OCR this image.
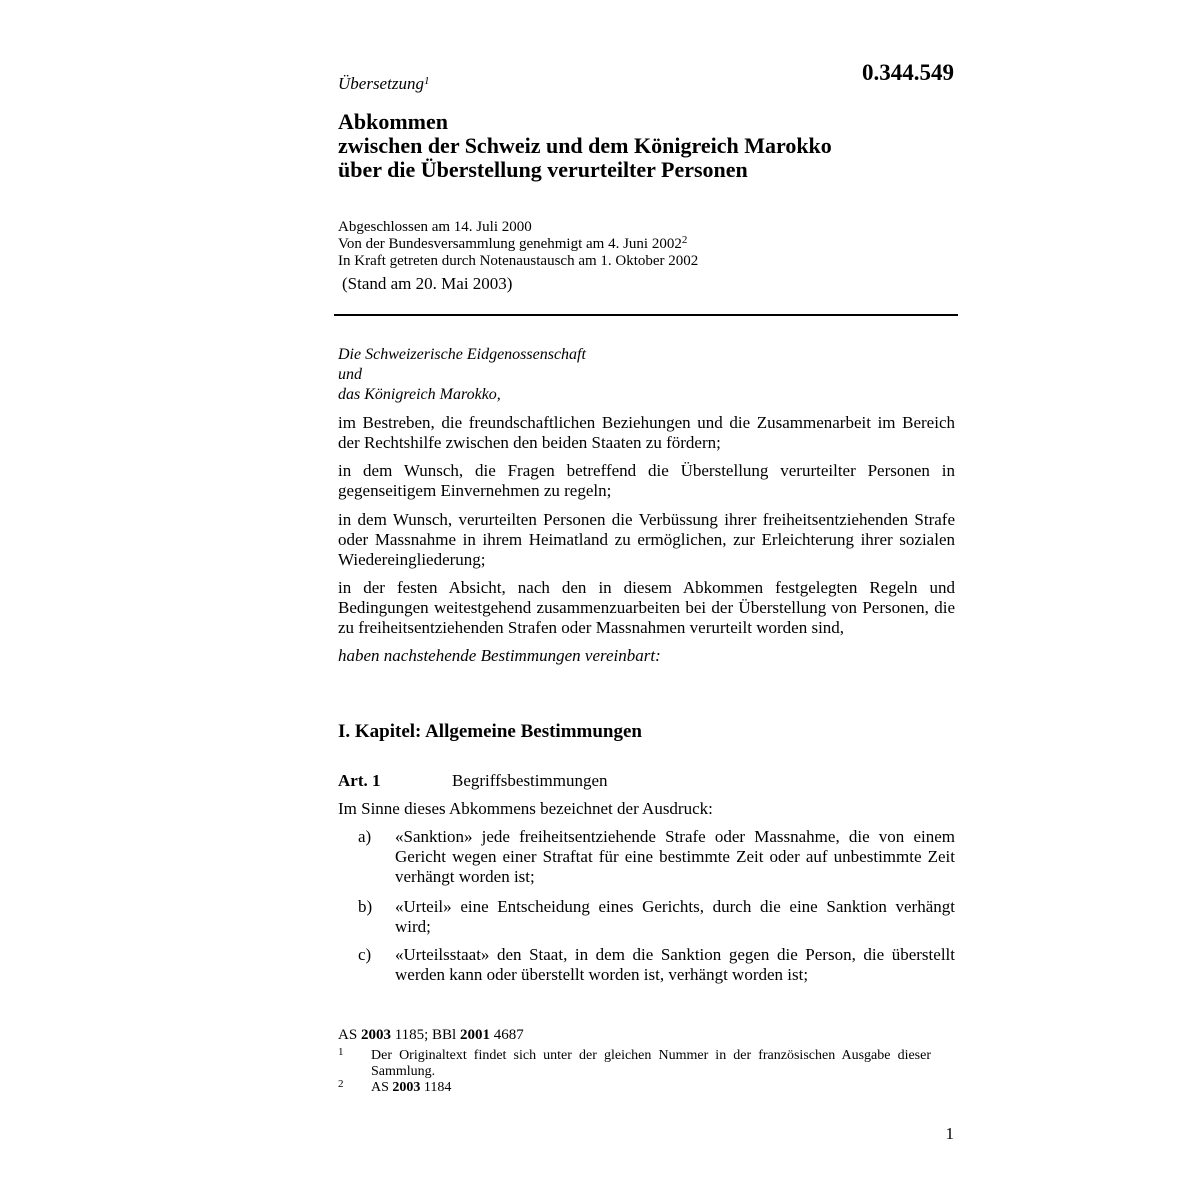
Übersetzung$^1$	0.344.549
Abkommen
zwischen der Schweiz und dem Königreich Marokko
über die Überstellung verurteilter Personen
Abgeschlossen am 14. Juli 2000
Von der Bundesversammlung genehmigt am 4. Juni 2002$^2$
In Kraft getreten durch Notenaustausch am 1. Oktober 2002
(Stand am 20. Mai 2003)
Die Schweizerische Eidgenossenschaft
und
das Königreich Marokko,
im Bestreben, die freundschaftlichen Beziehungen und die Zusammenarbeit im Bereich der Rechtshilfe zwischen den beiden Staaten zu fördern;
in dem Wunsch, die Fragen betreffend die Überstellung verurteilter Personen in gegenseitigem Einvernehmen zu regeln;
in dem Wunsch, verurteilten Personen die Verbüssung ihrer freiheitsentziehenden Strafe oder Massnahme in ihrem Heimatland zu ermöglichen, zur Erleichterung ihrer sozialen Wiedereingliederung;
in der festen Absicht, nach den in diesem Abkommen festgelegten Regeln und Bedingungen weitestgehend zusammenzuarbeiten bei der Überstellung von Personen, die zu freiheitsentziehenden Strafen oder Massnahmen verurteilt worden sind,
haben nachstehende Bestimmungen vereinbart:
I. Kapitel: Allgemeine Bestimmungen
Art. 1	Begriffsbestimmungen
Im Sinne dieses Abkommens bezeichnet der Ausdruck:
a) «Sanktion» jede freiheitsentziehende Strafe oder Massnahme, die von einem Gericht wegen einer Straftat für eine bestimmte Zeit oder auf unbestimmte Zeit verhängt worden ist;
b) «Urteil» eine Entscheidung eines Gerichts, durch die eine Sanktion verhängt wird;
c) «Urteilsstaat» den Staat, in dem die Sanktion gegen die Person, die überstellt werden kann oder überstellt worden ist, verhängt worden ist;
AS 2003 1185; BBl 2001 4687
1 Der Originaltext findet sich unter der gleichen Nummer in der französischen Ausgabe dieser Sammlung.
2 AS 2003 1184
1
